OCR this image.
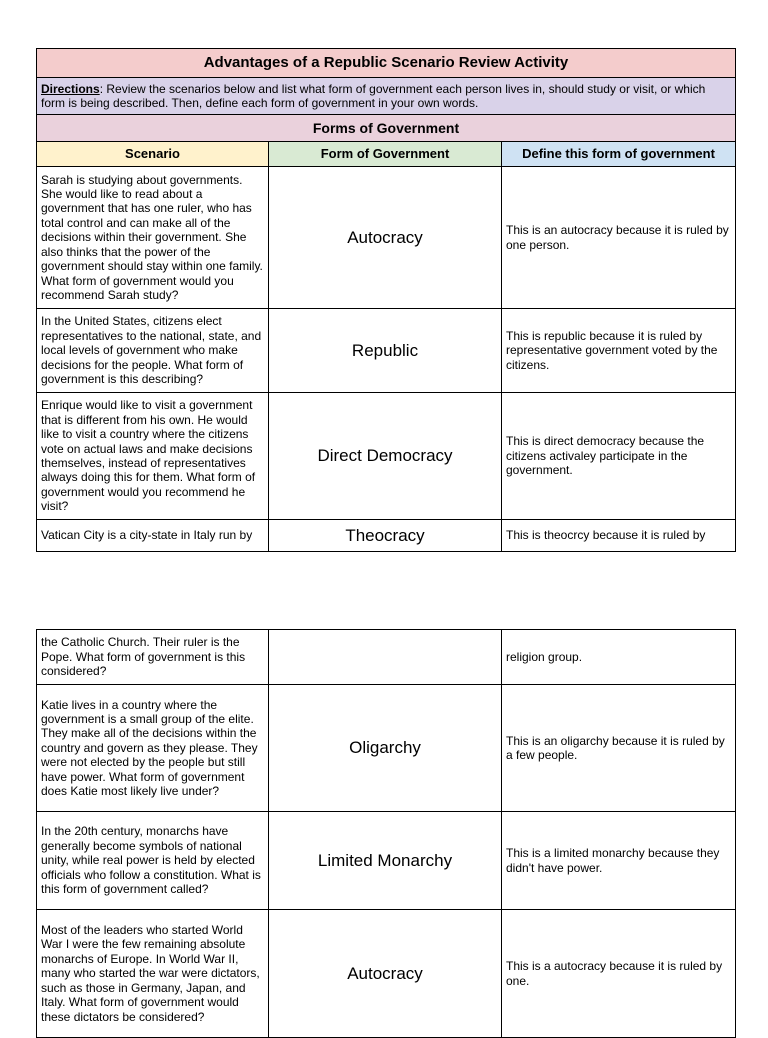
Advantages of a Republic Scenario Review Activity		
Directions: Review the scenarios below and list what form of government each person lives in, should study or visit, or which form is being described. Then, define each form of government in your own words.		
Forms of Government		
Scenario	Form of Government	Define this form of government
Sarah is studying about governments. She would like to read about a government that has one ruler, who has total control and can make all of the decisions within their government. She also thinks that the power of the government should stay within one family. What form of government would you recommend Sarah study?	Autocracy	This is an autocracy because it is ruled by one person.
In the United States, citizens elect representatives to the national, state, and local levels of government who make decisions for the people. What form of government is this describing?	Republic	This is republic because it is ruled by representative government voted by the citizens.
Enrique would like to visit a government that is different from his own. He would like to visit a country where the citizens vote on actual laws and make decisions themselves, instead of representatives always doing this for them. What form of government would you recommend he visit?	Direct Democracy	This is direct democracy because the citizens activaley participate in the government.
Vatican City is a city-state in Italy run by	Theocracy	This is theocrcy because it is ruled by
the Catholic Church. Their ruler is the Pope. What form of government is this considered?		religion group.
Katie lives in a country where the government is a small group of the elite. They make all of the decisions within the country and govern as they please. They were not elected by the people but still have power. What form of government does Katie most likely live under?	Oligarchy	This is an oligarchy because it is ruled by a few people.
In the 20th century, monarchs have generally become symbols of national unity, while real power is held by elected officials who follow a constitution. What is this form of government called?	Limited Monarchy	This is a limited monarchy because they didn't have power.
Most of the leaders who started World War I were the few remaining absolute monarchs of Europe. In World War II, many who started the war were dictators, such as those in Germany, Japan, and Italy. What form of government would these dictators be considered?	Autocracy	This is a autocracy because it is ruled by one.
